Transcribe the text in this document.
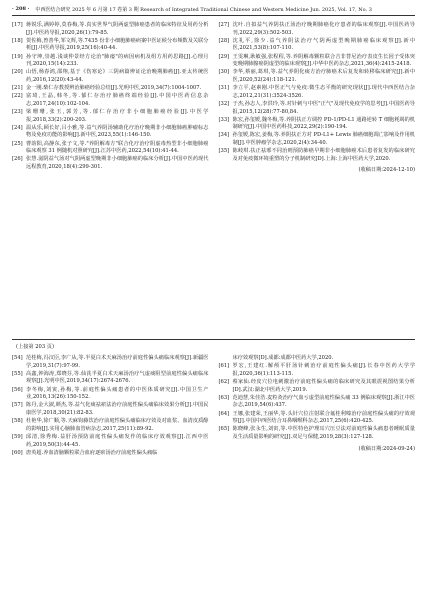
· 208 · 中西医结合研究 2025 年 6 月第 17 卷第 3 期 Research of Integrated Traditional Chinese and Western Medicine Jun. 2025, Vol. 17, No. 3
[17] 蒋锐乐,满婷婷,莫春梅,等.真实世界气阴两虚型肺癌患者的临床特征及用药分析[J].中医药导报,2020,26(1):79-85.
[18] 贺佐梅,曾善华,邹文辉,等.7435 份非小细胞肺癌病案中医证候分布频数及关联分析[J].中医药导报,2019,25(16):40-44.
[19] 孙守坤,崇越.浅谈仲景经方论治"肺痿"的病因病机及组方用药思路[J].心理月刊,2020,15(14):233.
[20] 山悟,杨春鸿,邵翔,基于《伤寒论》三阴病篇辨证论治晚期肺癌[J].亚太传统医药,2016,12(20):43-44.
[21] 金一刚.柴仁存教授辨治肺癌经验总结[J].光明中医,2019,34(7):1004-1007.
[22] 富琦,王晶,韩冬,等.郁仁存治疗肺癌终端经验[J].中国中医药信息杂志,2017,24(10):102-104.
[23] 梁珊珊,张玉,郭芳,等.郁仁存治疗非小细胞肺癌经验[J].中医学报,2018,33(2):200-203.
[24] 温从乐,顾长好,吕小雅,等.益气养阴汤辅助化疗治疗晚期非小细胞肺癌肿瘤标志物及免疫功能的影响[J].新中医,2023,55(1):146-150.
[25] 曹韵阳,高静东,张子文,等."养阴解毒方"联合化疗治疗阴虚毒热型非小细胞肺癌临床观察 31 例随机对照研究[J].江苏中医药,2022,54(10):41-44.
[26] 张慧.滋阴益气汤对气阴两虚型晚期非小细胞肺癌的临床分析[J].中国中医药现代远程教育,2020,18(4):299-301.
[27] 沈叶.自拟益气养阴扶正汤治疗晚期肺癌化疗患者的临床观察[J].中国医药导刊,2022,29(3):502-503.
[28] 沈礼平,徐少.益气养阴法治疗气阴两虚型晚期肺癌临床观察[J].新中医,2021,53(8):107-110.
[29] 王雯琳,耿敏强,张程程,等.养阴解毒颗粒联合吉非替尼治疗表皮生长因子受体突变晚期肺腺癌阴虚型的临床观察[J].中华中医药杂志,2021,36(4):2415-2418.
[30] 李华,蔡丽,葛琪,等.益气养阴化痰方治疗肺癌术后复发和转移临床研究[J].新中医,2020,52(24):118-121.
[31] 李立平,赵素刚.中医正气与免疫:微生态平衡的研究现状[J].现代中西医结合杂志,2012,21(31):3524-3526.
[32] 于杰,孙志人,李洪玲,等.对针刺与中医"正气"及现代免疫学的思考[J].中国医药导报,2015,12(28):77-80,84.
[33] 陈宏,孙玺媛,魏冬梅,等.养阴扶正方调控 PD-1/PD-L1 通路逆转 T 细胞耗竭的机制研究[J].中国中医药科技,2022,29(2):190-194.
[34] 孙玺媛,陈宏,姜梅,等.养阴扶正方对 PD-L1+ Lewis 肺癌细胞凋亡影响及作用机制[J].中医肿瘤学杂志,2020,2(4):34-40.
[35] 陈岐琪.扶正祛邪不同治则预防肺癌早期非小细胞肺癌术后患者复发的临床研究及对免疫微环境重塑的分子机制研究[D].上海:上海中医药大学,2020.
(收稿日期:2024-12-10)
(上接第 203 页)
[54] 范桂梅,冯汉臣,李广从,等.半夏白术天麻汤治疗前庭性偏头痛临床观察[J].新疆医学,2019,31(7):97-99.
[55] 高鑫,钟海涛,郑晓芬,等.仙芪半夏白术天麻汤治疗气虚痰阻型前庭性偏头痛临床观察[J].光明中医,2019,34(17):2674-2676.
[56] 李冬梅,刘寅,孙梅,等.前庭性偏头痛患者的中医体质研究[J].中国卫生产业,2016,13(26):150-152.
[57] 陈丹,金大淑,颜杰,等.益气化痰祛瘀法治疗前庭性偏头痛临床效果分析[J].中国民康医学,2018,30(21):82-83.
[58] 杜艳华,徐广顺,等.天麻钩藤饮治疗前庭性偏头痛临床疗效及对血浆、血清皮质醇的影响[J].实用心脑肺血管病杂志,2017,25(11):89-92.
[59] 邱清,徐秀梅.益肝汤预防前庭性偏头痛发作的临床疗效观察[J].江西中医药,2019,50(3):44-45.
[60] 唐英超.养血清脑颗粒联合血府逐瘀汤治疗前庭性偏头痛临
床疗效观察[D].成都:成都中医药大学,2020.
[61] 罗宏,王建红.解颅平肝汤针刺治疗前庭性偏头痛[J].长春中医药大学学报,2020,36(1):113-115.
[62] 蔡家仙.经皮穴位电刺激治疗前庭性偏头痛的临床研究及其眼震视图结果分析[D].武汉:湖北中医药大学,2019.
[63] 范迪慧,朱佳浩.麦粒灸治疗气血亏虚型前庭性偏头痛 33 例临床观察[J].浙江中医杂志,2019,54(6):437.
[64] 王娜,张建荣,王丽华,等.头针穴位注射联合氟桂利嗪治疗前庭性偏头痛的疗效观察[J].中国中西医结合耳鼻咽喉科杂志,2017,25(6):420-425.
[65] 陈晓峰,张永生,刘寅,等.中医特色护理耳穴压豆法对前庭性偏头痛患者睡眠质量及生活质量影响的研究[J].双足与保健,2019,28(3):127-128.
(收稿日期:2024-09-24)
